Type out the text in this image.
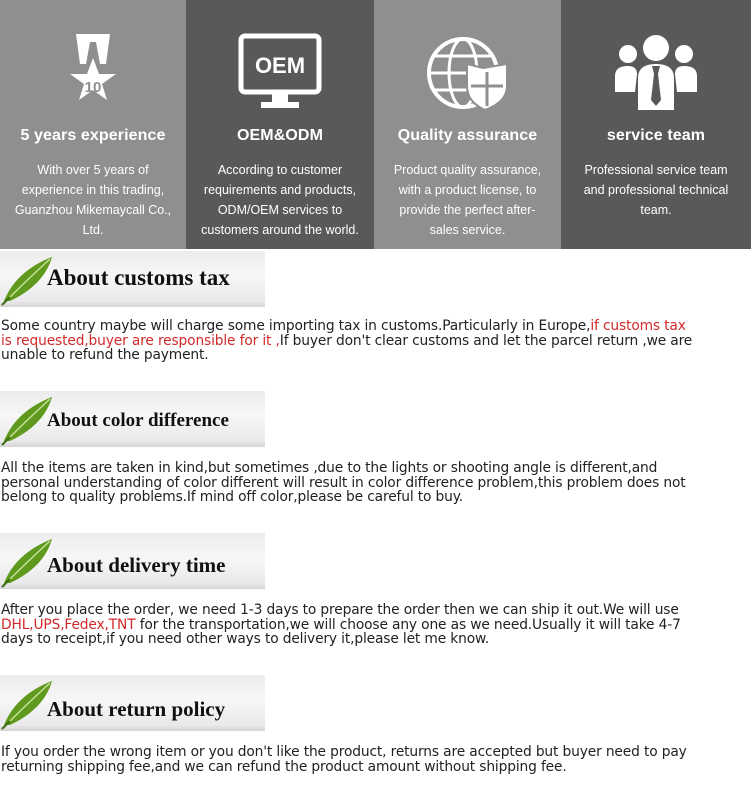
10
5 years experience
With over 5 years of
experience in this trading,
Guanzhou Mikemaycall Co.,
Ltd.
OEM
OEM&ODM
According to customer
requirements and products,
ODM/OEM services to
customers around the world.
Quality assurance
Product quality assurance,
with a product license, to
provide the perfect after-
sales service.
service team
Professional service team
and professional technical
team.
About customs tax
About color difference
About delivery time
About return policy
Some country maybe will charge some importing tax in customs.Particularly in Europe,if customs tax
is requested,buyer are responsible for it ,If buyer don't clear customs and let the parcel return ,we are
unable to refund the payment.
All the items are taken in kind,but sometimes ,due to the lights or shooting angle is different,and
personal understanding of color different will result in color difference problem,this problem does not
belong to quality problems.If mind off color,please be careful to buy.
After you place the order, we need 1-3 days to prepare the order then we can ship it out.We will use
DHL,UPS,Fedex,TNT for the transportation,we will choose any one as we need.Usually it will take 4-7
days to receipt,if you need other ways to delivery it,please let me know.
If you order the wrong item or you don't like the product, returns are accepted but buyer need to pay
returning shipping fee,and we can refund the product amount without shipping fee.
